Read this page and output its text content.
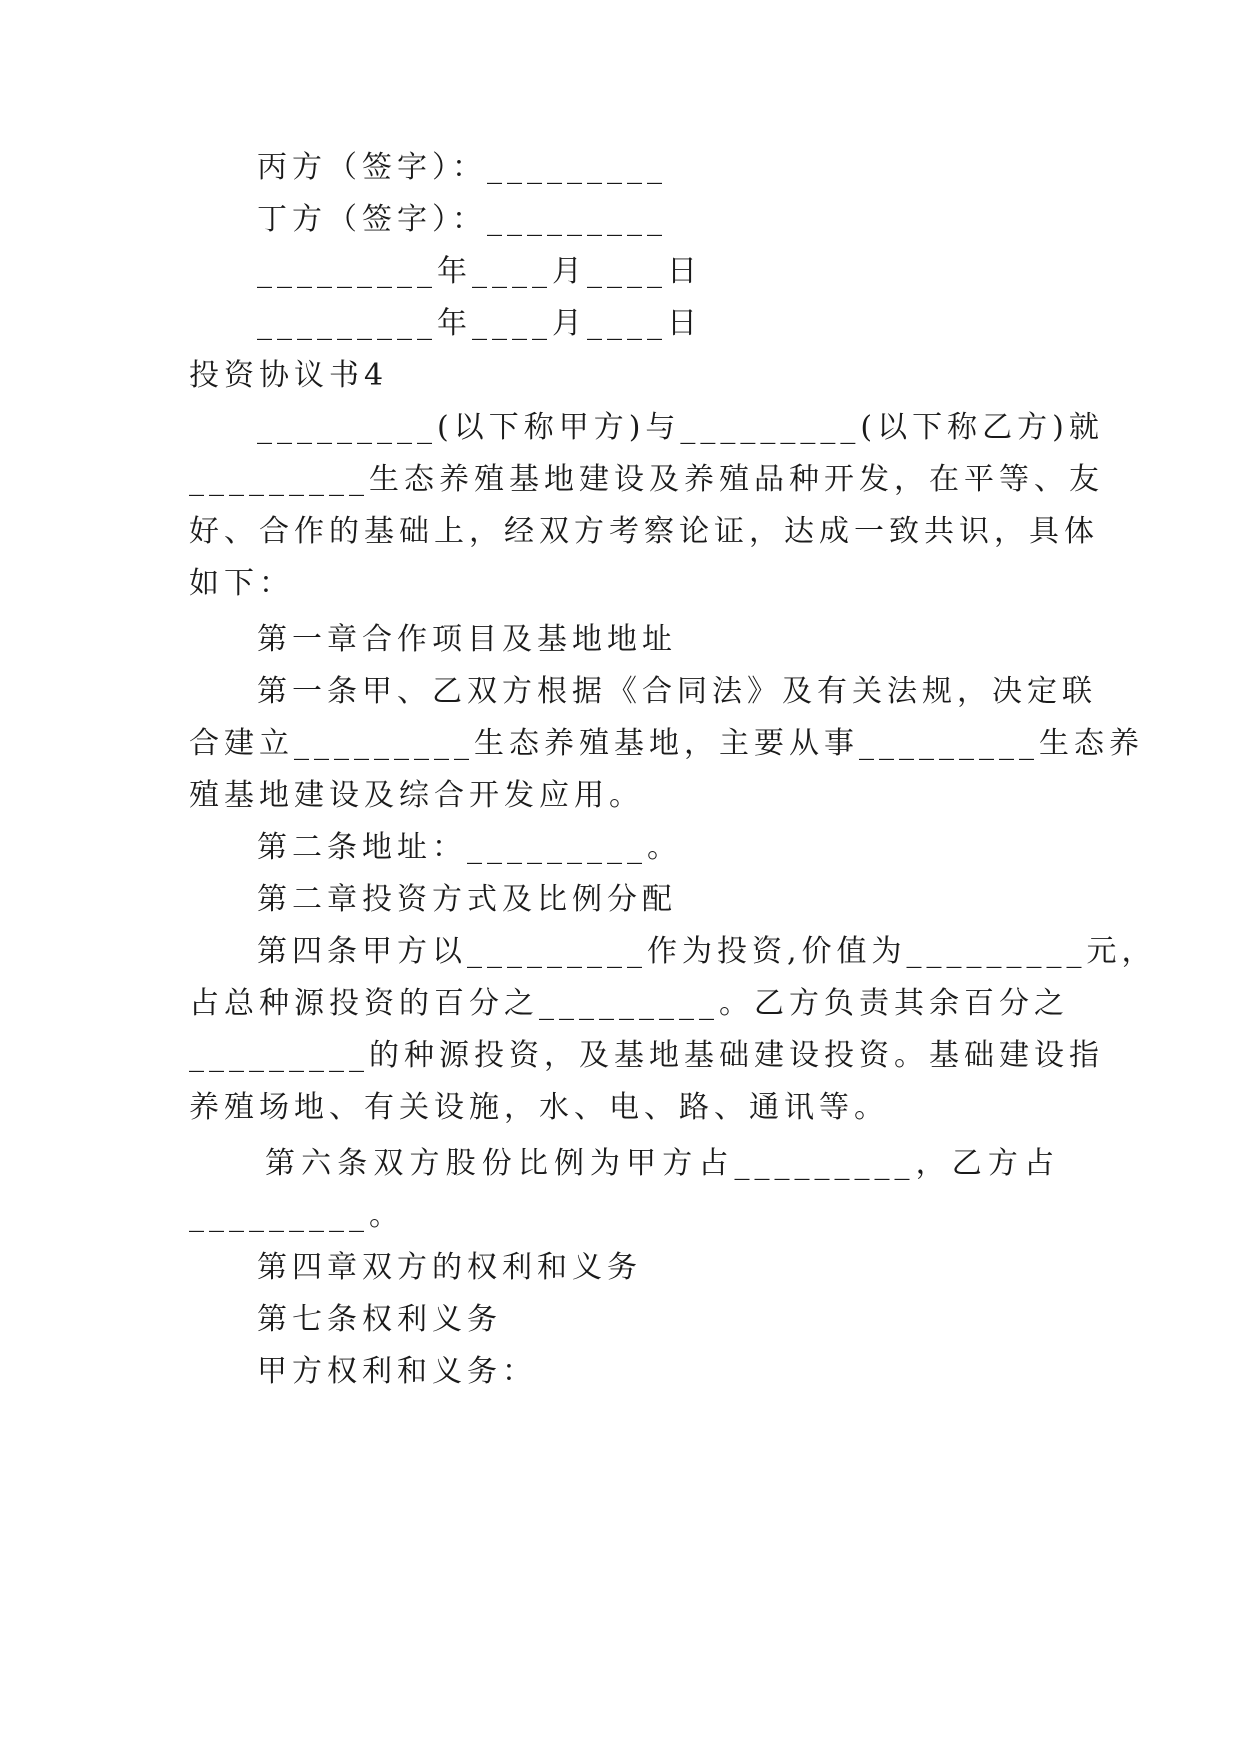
丙方（签字）：_________
丁方（签字）：_________
_________年____月____日
_________年____月____日
投资协议书4
_________(以下称甲方)与_________(以下称乙方)就
_________生态养殖基地建设及养殖品种开发，在平等、友
好、合作的基础上，经双方考察论证，达成一致共识，具体
如下：
第一章合作项目及基地地址
第一条甲、乙双方根据《合同法》及有关法规，决定联
合建立_________生态养殖基地，主要从事_________生态养
殖基地建设及综合开发应用。
第二条地址：_________。
第二章投资方式及比例分配
第四条甲方以_________作为投资,价值为_________元，
占总种源投资的百分之_________。乙方负责其余百分之
_________的种源投资，及基地基础建设投资。基础建设指
养殖场地、有关设施，水、电、路、通讯等。
第六条双方股份比例为甲方占_________，乙方占
_________。
第四章双方的权利和义务
第七条权利义务
甲方权利和义务：
